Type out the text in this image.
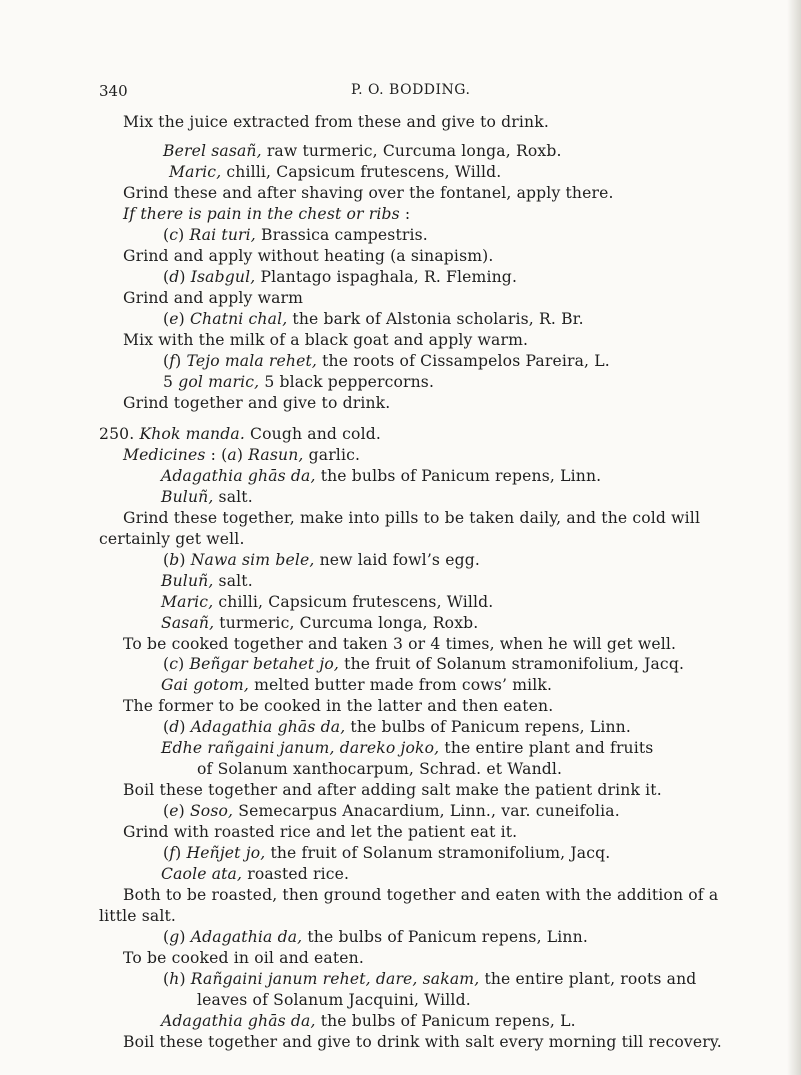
340	P. O. BODDING.
Mix the juice extracted from these and give to drink.
Berel sasañ, raw turmeric, Curcuma longa, Roxb.
Maric, chilli, Capsicum frutescens, Willd.
Grind these and after shaving over the fontanel, apply there.
If there is pain in the chest or ribs :
(c) Rai turi, Brassica campestris.
Grind and apply without heating (a sinapism).
(d) Isabgul, Plantago ispaghala, R. Fleming.
Grind and apply warm
(e) Chatni chal, the bark of Alstonia scholaris, R. Br.
Mix with the milk of a black goat and apply warm.
(f) Tejo mala rehet, the roots of Cissampelos Pareira, L.
5 gol maric, 5 black peppercorns.
Grind together and give to drink.
250. Khok manda. Cough and cold.
Medicines : (a) Rasun, garlic.
Adagathia ghās da, the bulbs of Panicum repens, Linn.
Buluñ, salt.
Grind these together, make into pills to be taken daily, and the cold will
certainly get well.
(b) Nawa sim bele, new laid fowl’s egg.
Buluñ, salt.
Maric, chilli, Capsicum frutescens, Willd.
Sasañ, turmeric, Curcuma longa, Roxb.
To be cooked together and taken 3 or 4 times, when he will get well.
(c) Beñgar betahet jo, the fruit of Solanum stramonifolium, Jacq.
Gai gotom, melted butter made from cows’ milk.
The former to be cooked in the latter and then eaten.
(d) Adagathia ghās da, the bulbs of Panicum repens, Linn.
Edhe rañgaini janum, dareko joko, the entire plant and fruits
of Solanum xanthocarpum, Schrad. et Wandl.
Boil these together and after adding salt make the patient drink it.
(e) Soso, Semecarpus Anacardium, Linn., var. cuneifolia.
Grind with roasted rice and let the patient eat it.
(f) Heñjet jo, the fruit of Solanum stramonifolium, Jacq.
Caole ata, roasted rice.
Both to be roasted, then ground together and eaten with the addition of a
little salt.
(g) Adagathia da, the bulbs of Panicum repens, Linn.
To be cooked in oil and eaten.
(h) Rañgaini janum rehet, dare, sakam, the entire plant, roots and
leaves of Solanum Jacquini, Willd.
Adagathia ghās da, the bulbs of Panicum repens, L.
Boil these together and give to drink with salt every morning till recovery.
